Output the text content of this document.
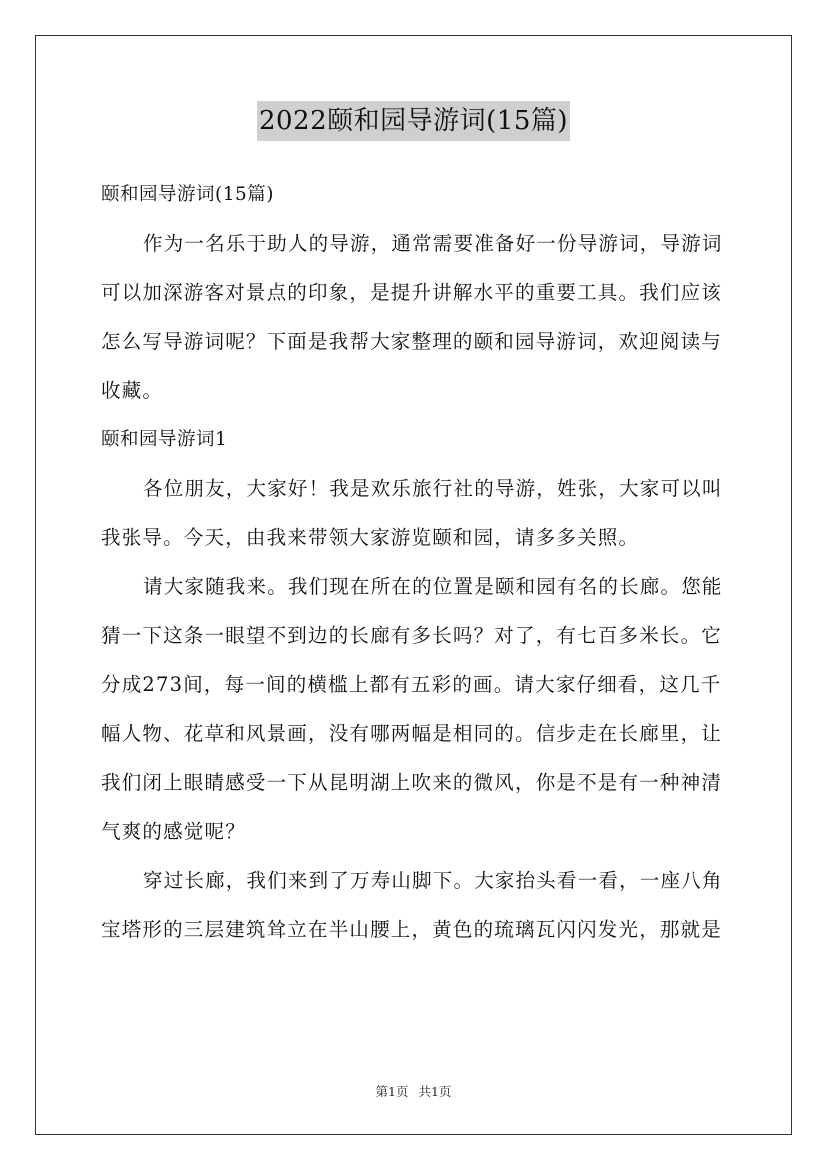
2022颐和园导游词(15篇)
颐和园导游词(15篇)
作为一名乐于助人的导游，通常需要准备好一份导游词，导游词
可以加深游客对景点的印象，是提升讲解水平的重要工具。我们应该
怎么写导游词呢？下面是我帮大家整理的颐和园导游词，欢迎阅读与
收藏。
颐和园导游词1
各位朋友，大家好！我是欢乐旅行社的导游，姓张，大家可以叫
我张导。今天，由我来带领大家游览颐和园，请多多关照。
请大家随我来。我们现在所在的位置是颐和园有名的长廊。您能
猜一下这条一眼望不到边的长廊有多长吗？对了，有七百多米长。它
分成273间，每一间的横槛上都有五彩的画。请大家仔细看，这几千
幅人物、花草和风景画，没有哪两幅是相同的。信步走在长廊里，让
我们闭上眼睛感受一下从昆明湖上吹来的微风，你是不是有一种神清
气爽的感觉呢？
穿过长廊，我们来到了万寿山脚下。大家抬头看一看，一座八角
宝塔形的三层建筑耸立在半山腰上，黄色的琉璃瓦闪闪发光，那就是
第1页 共1页
